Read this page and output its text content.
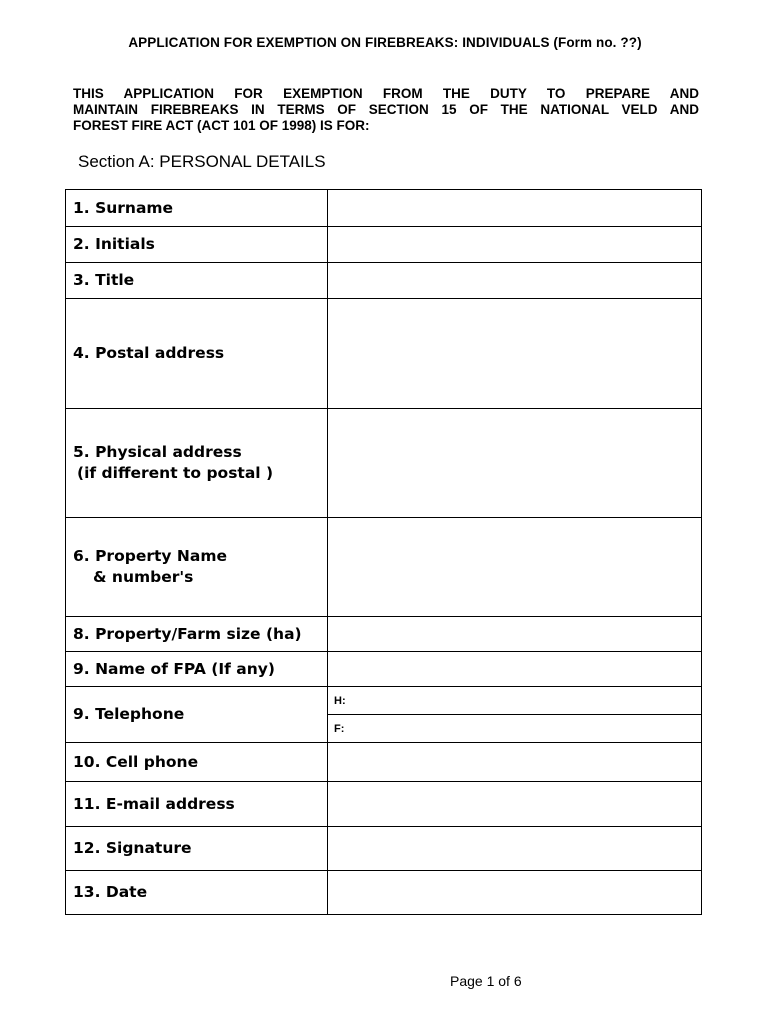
APPLICATION FOR EXEMPTION ON FIREBREAKS: INDIVIDUALS (Form no. ??)
THIS APPLICATION FOR EXEMPTION FROM THE DUTY TO PREPARE AND
MAINTAIN FIREBREAKS IN TERMS OF SECTION 15 OF THE NATIONAL VELD AND
FOREST FIRE ACT (ACT 101 OF 1998) IS FOR:
Section A: PERSONAL DETAILS
1. Surname	
2. Initials	
3. Title	
4. Postal address	

5. Physical address
(if different to postal )	

6. Property Name
& number's	

8. Property/Farm size (ha)	
9. Name of FPA (If any)	
9. Telephone	H:
	F:
10. Cell phone	
11. E-mail address	
12. Signature	
13. Date	
Page 1 of 6
